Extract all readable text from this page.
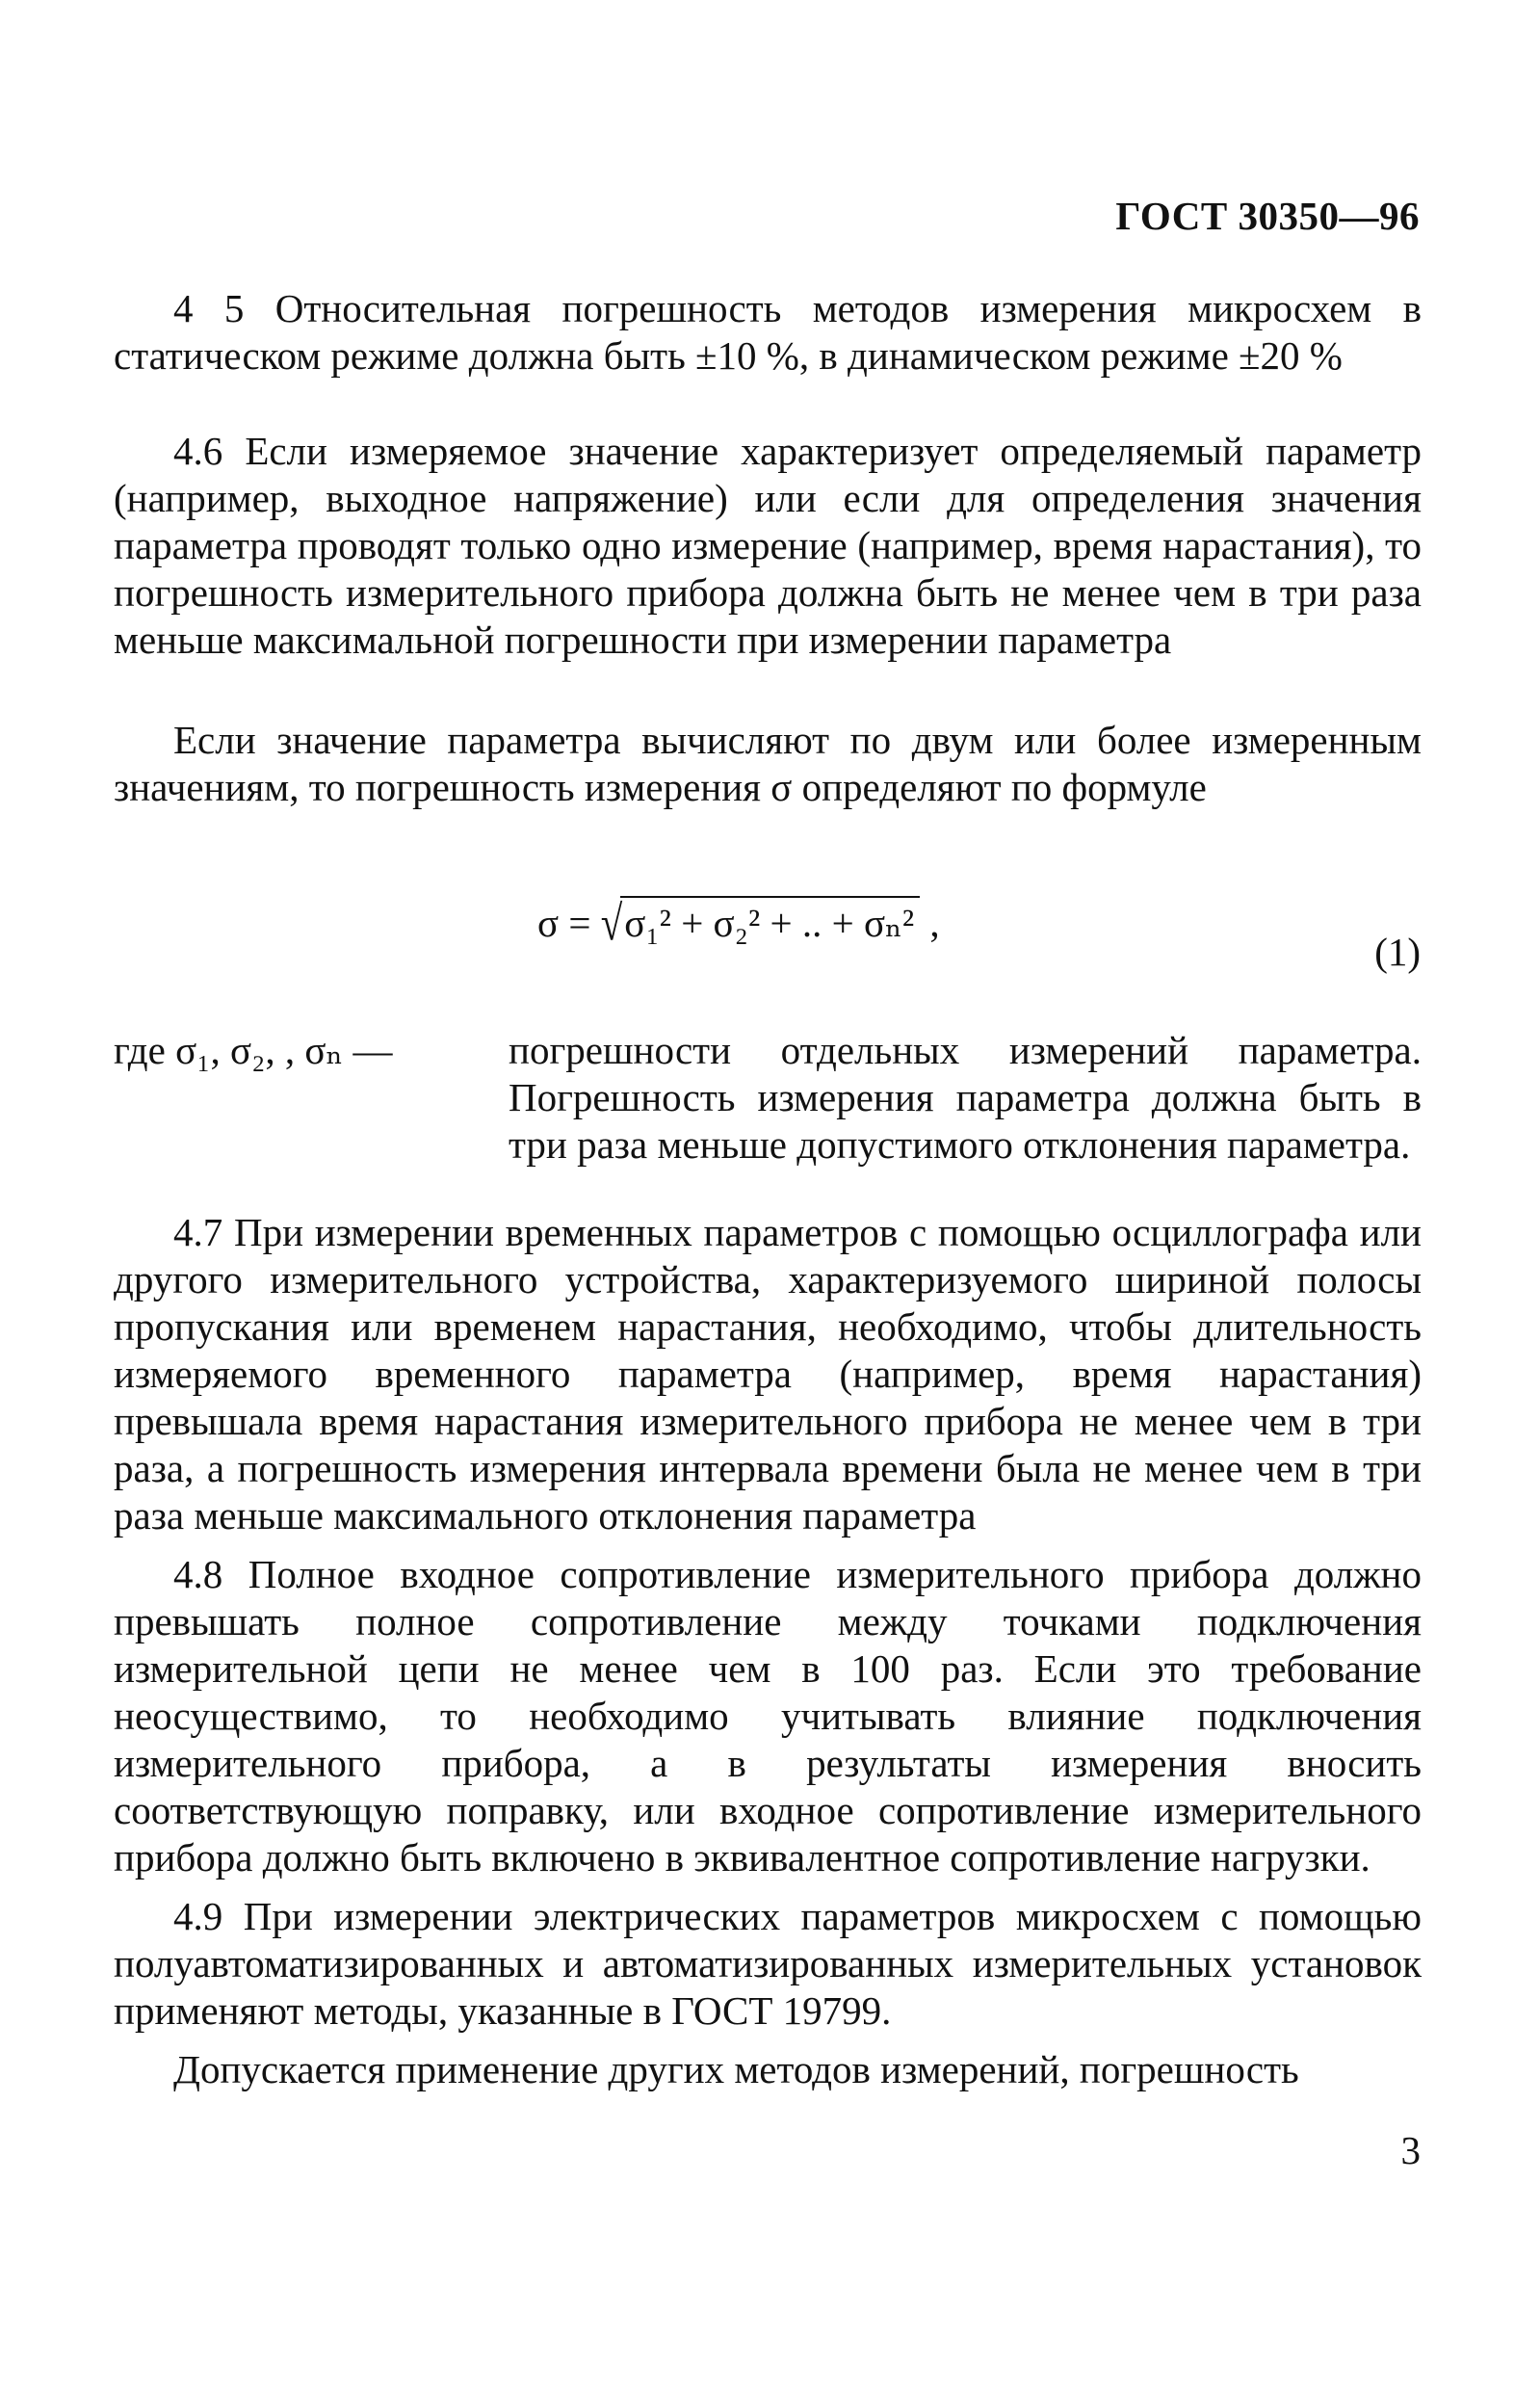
ГОСТ 30350—96

4 5 Относительная погрешность методов измерения микросхем в статическом режиме должна быть ±10 %, в динамическом режиме ±20 %

4.6 Если измеряемое значение характеризует определяемый параметр (например, выходное напряжение) или если для определения значения параметра проводят только одно измерение (например, время нарастания), то погрешность измерительного прибора должна быть не менее чем в три раза меньше максимальной погрешности при измерении параметра

Если значение параметра вычисляют по двум или более измеренным значениям, то погрешность измерения σ определяют по формуле

σ = √σ₁² + σ₂² + .. + σₙ² ,
(1)
где σ₁, σ₂, , σₙ —	погрешности отдельных измерений параметра. Погрешность измерения параметра должна быть в три раза меньше допустимого отклонения параметра.

4.7 При измерении временных параметров с помощью осциллографа или другого измерительного устройства, характеризуемого шириной полосы пропускания или временем нарастания, необходимо, чтобы длительность измеряемого временного параметра (например, время нарастания) превышала время нарастания измерительного прибора не менее чем в три раза, а погрешность измерения интервала времени была не менее чем в три раза меньше максимального отклонения параметра

4.8 Полное входное сопротивление измерительного прибора должно превышать полное сопротивление между точками подключения измерительной цепи не менее чем в 100 раз. Если это требование неосуществимо, то необходимо учитывать влияние подключения измерительного прибора, а в результаты измерения вносить соответствующую поправку, или входное сопротивление измерительного прибора должно быть включено в эквивалентное сопротивление нагрузки.

4.9 При измерении электрических параметров микросхем с помощью полуавтоматизированных и автоматизированных измерительных установок применяют методы, указанные в ГОСТ 19799.

Допускается применение других методов измерений, погрешность

3
